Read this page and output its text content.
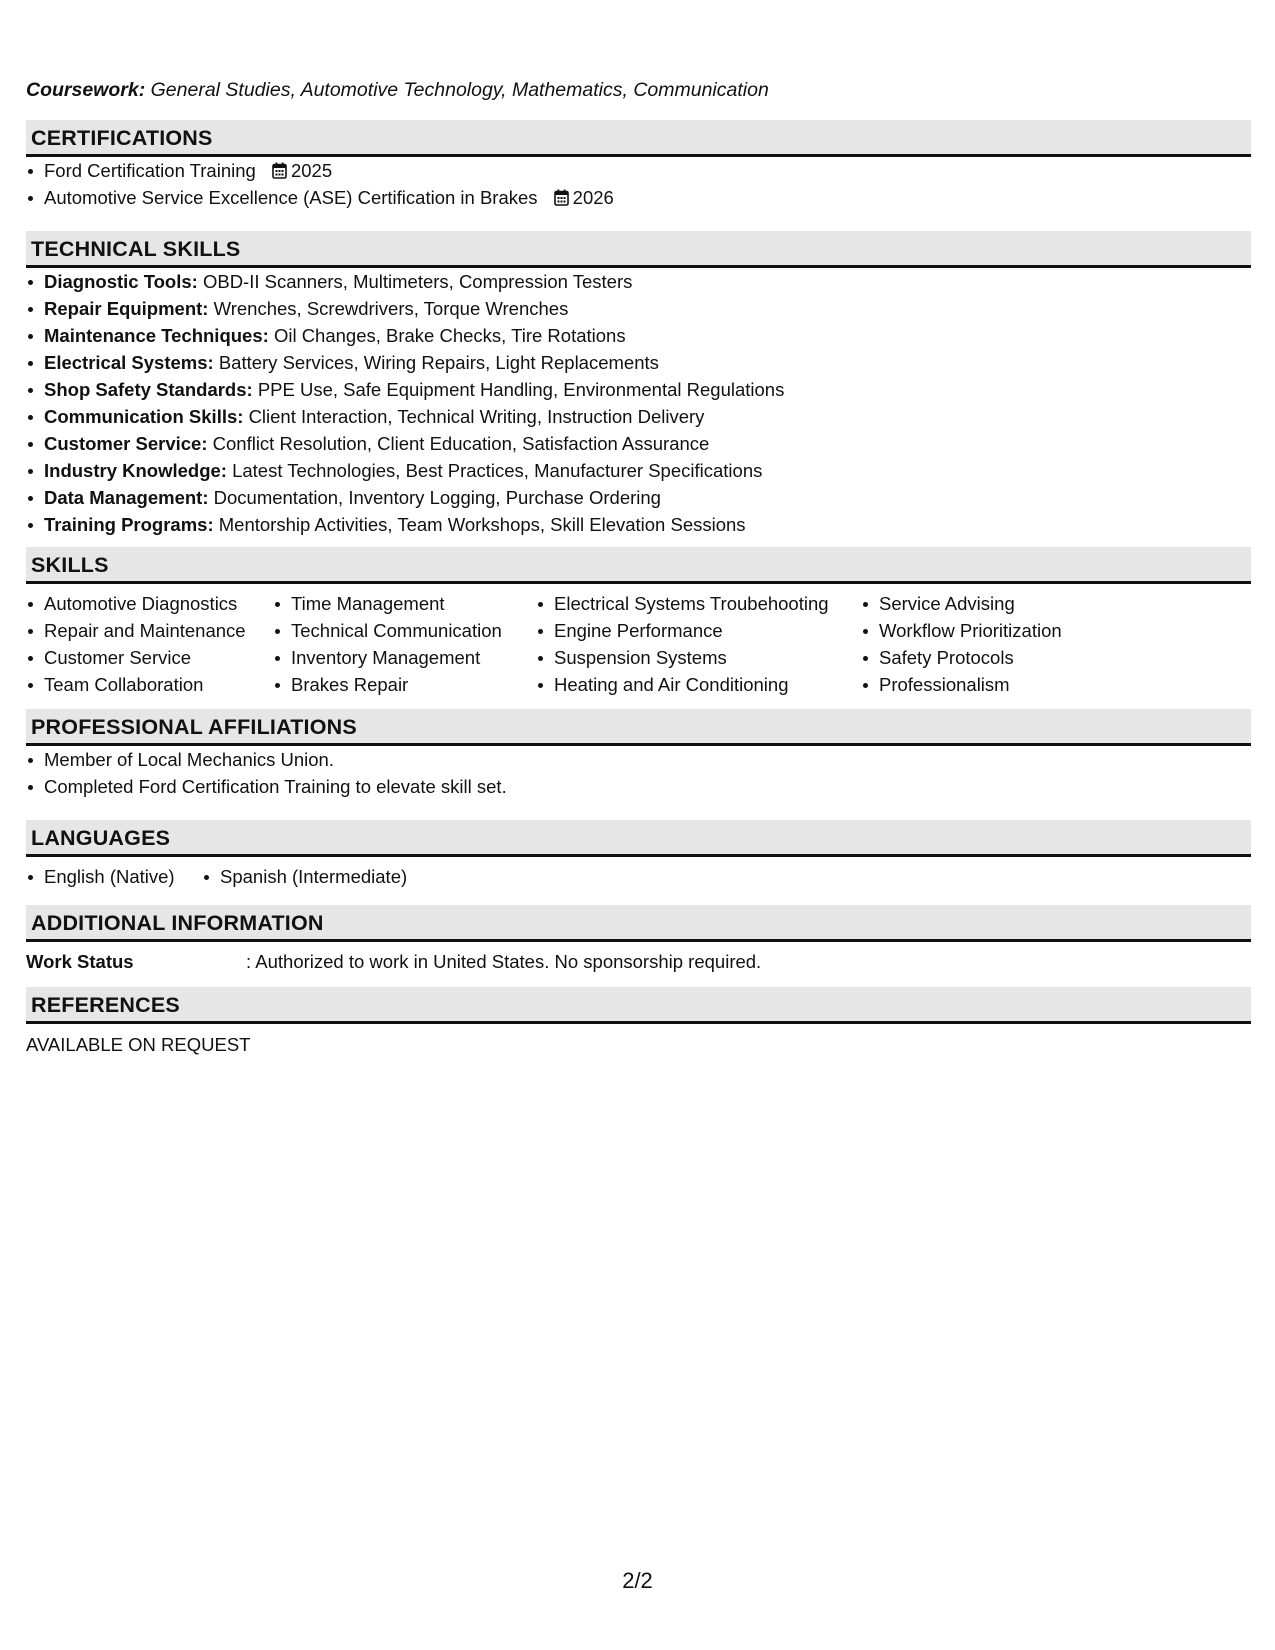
Coursework: General Studies, Automotive Technology, Mathematics, Communication
CERTIFICATIONS
Ford Certification Training 2025
Automotive Service Excellence (ASE) Certification in Brakes 2026
TECHNICAL SKILLS
Diagnostic Tools: OBD-II Scanners, Multimeters, Compression Testers
Repair Equipment: Wrenches, Screwdrivers, Torque Wrenches
Maintenance Techniques: Oil Changes, Brake Checks, Tire Rotations
Electrical Systems: Battery Services, Wiring Repairs, Light Replacements
Shop Safety Standards: PPE Use, Safe Equipment Handling, Environmental Regulations
Communication Skills: Client Interaction, Technical Writing, Instruction Delivery
Customer Service: Conflict Resolution, Client Education, Satisfaction Assurance
Industry Knowledge: Latest Technologies, Best Practices, Manufacturer Specifications
Data Management: Documentation, Inventory Logging, Purchase Ordering
Training Programs: Mentorship Activities, Team Workshops, Skill Elevation Sessions
SKILLS
Automotive Diagnostics
Repair and Maintenance
Customer Service
Team Collaboration
Time Management
Technical Communication
Inventory Management
Brakes Repair
Electrical Systems Troubehooting
Engine Performance
Suspension Systems
Heating and Air Conditioning
Service Advising
Workflow Prioritization
Safety Protocols
Professionalism
PROFESSIONAL AFFILIATIONS
Member of Local Mechanics Union.
Completed Ford Certification Training to elevate skill set.
LANGUAGES
English (Native)	Spanish (Intermediate)
ADDITIONAL INFORMATION
Work Status	: Authorized to work in United States. No sponsorship required.
REFERENCES
AVAILABLE ON REQUEST
2/2
